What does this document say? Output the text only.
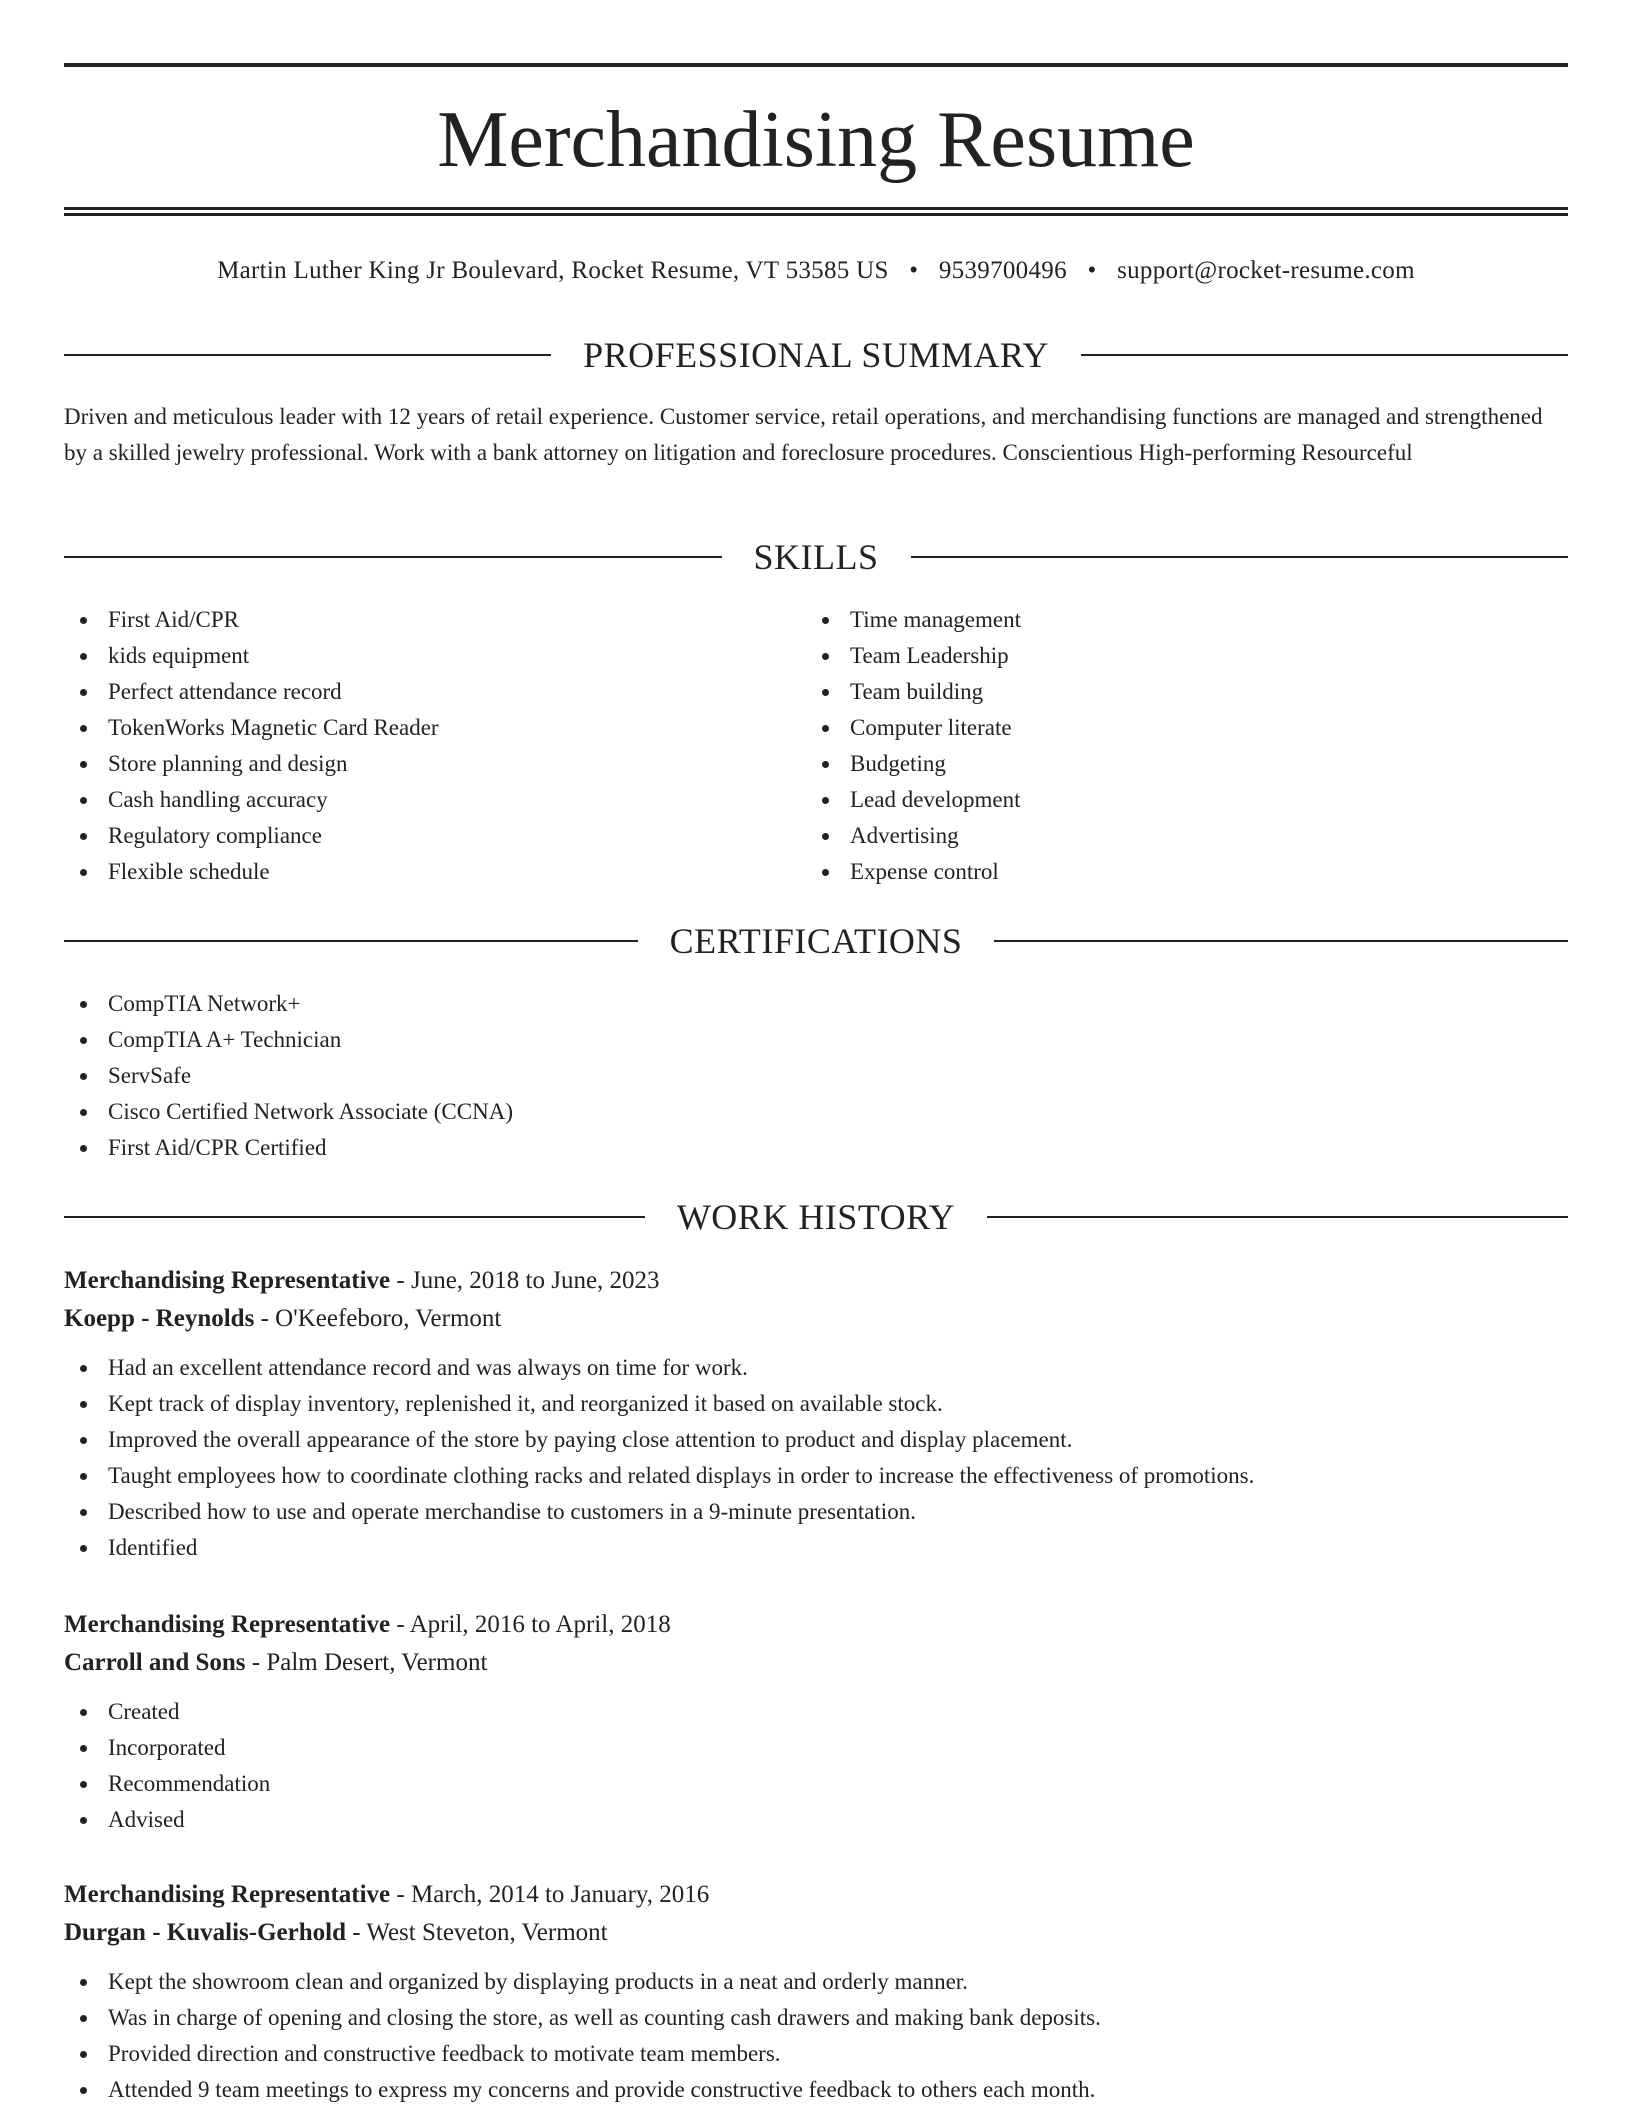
Merchandising Resume
Martin Luther King Jr Boulevard, Rocket Resume, VT 53585 US • 9539700496 • support@rocket-resume.com
PROFESSIONAL SUMMARY

Driven and meticulous leader with 12 years of retail experience. Customer service, retail operations, and merchandising functions are managed and strengthened by a skilled jewelry professional. Work with a bank attorney on litigation and foreclosure procedures. Conscientious High-performing Resourceful

SKILLS
First Aid/CPR
kids equipment
Perfect attendance record
TokenWorks Magnetic Card Reader
Store planning and design
Cash handling accuracy
Regulatory compliance
Flexible schedule
Time management
Team Leadership
Team building
Computer literate
Budgeting
Lead development
Advertising
Expense control
CERTIFICATIONS
CompTIA Network+
CompTIA A+ Technician
ServSafe
Cisco Certified Network Associate (CCNA)
First Aid/CPR Certified
WORK HISTORY
Merchandising Representative - June, 2018 to June, 2023
Koepp - Reynolds - O'Keefeboro, Vermont
Had an excellent attendance record and was always on time for work.
Kept track of display inventory, replenished it, and reorganized it based on available stock.
Improved the overall appearance of the store by paying close attention to product and display placement.
Taught employees how to coordinate clothing racks and related displays in order to increase the effectiveness of promotions.
Described how to use and operate merchandise to customers in a 9-minute presentation.
Identified
Merchandising Representative - April, 2016 to April, 2018
Carroll and Sons - Palm Desert, Vermont
Created
Incorporated
Recommendation
Advised
Merchandising Representative - March, 2014 to January, 2016
Durgan - Kuvalis-Gerhold - West Steveton, Vermont
Kept the showroom clean and organized by displaying products in a neat and orderly manner.
Was in charge of opening and closing the store, as well as counting cash drawers and making bank deposits.
Provided direction and constructive feedback to motivate team members.
Attended 9 team meetings to express my concerns and provide constructive feedback to others each month.
